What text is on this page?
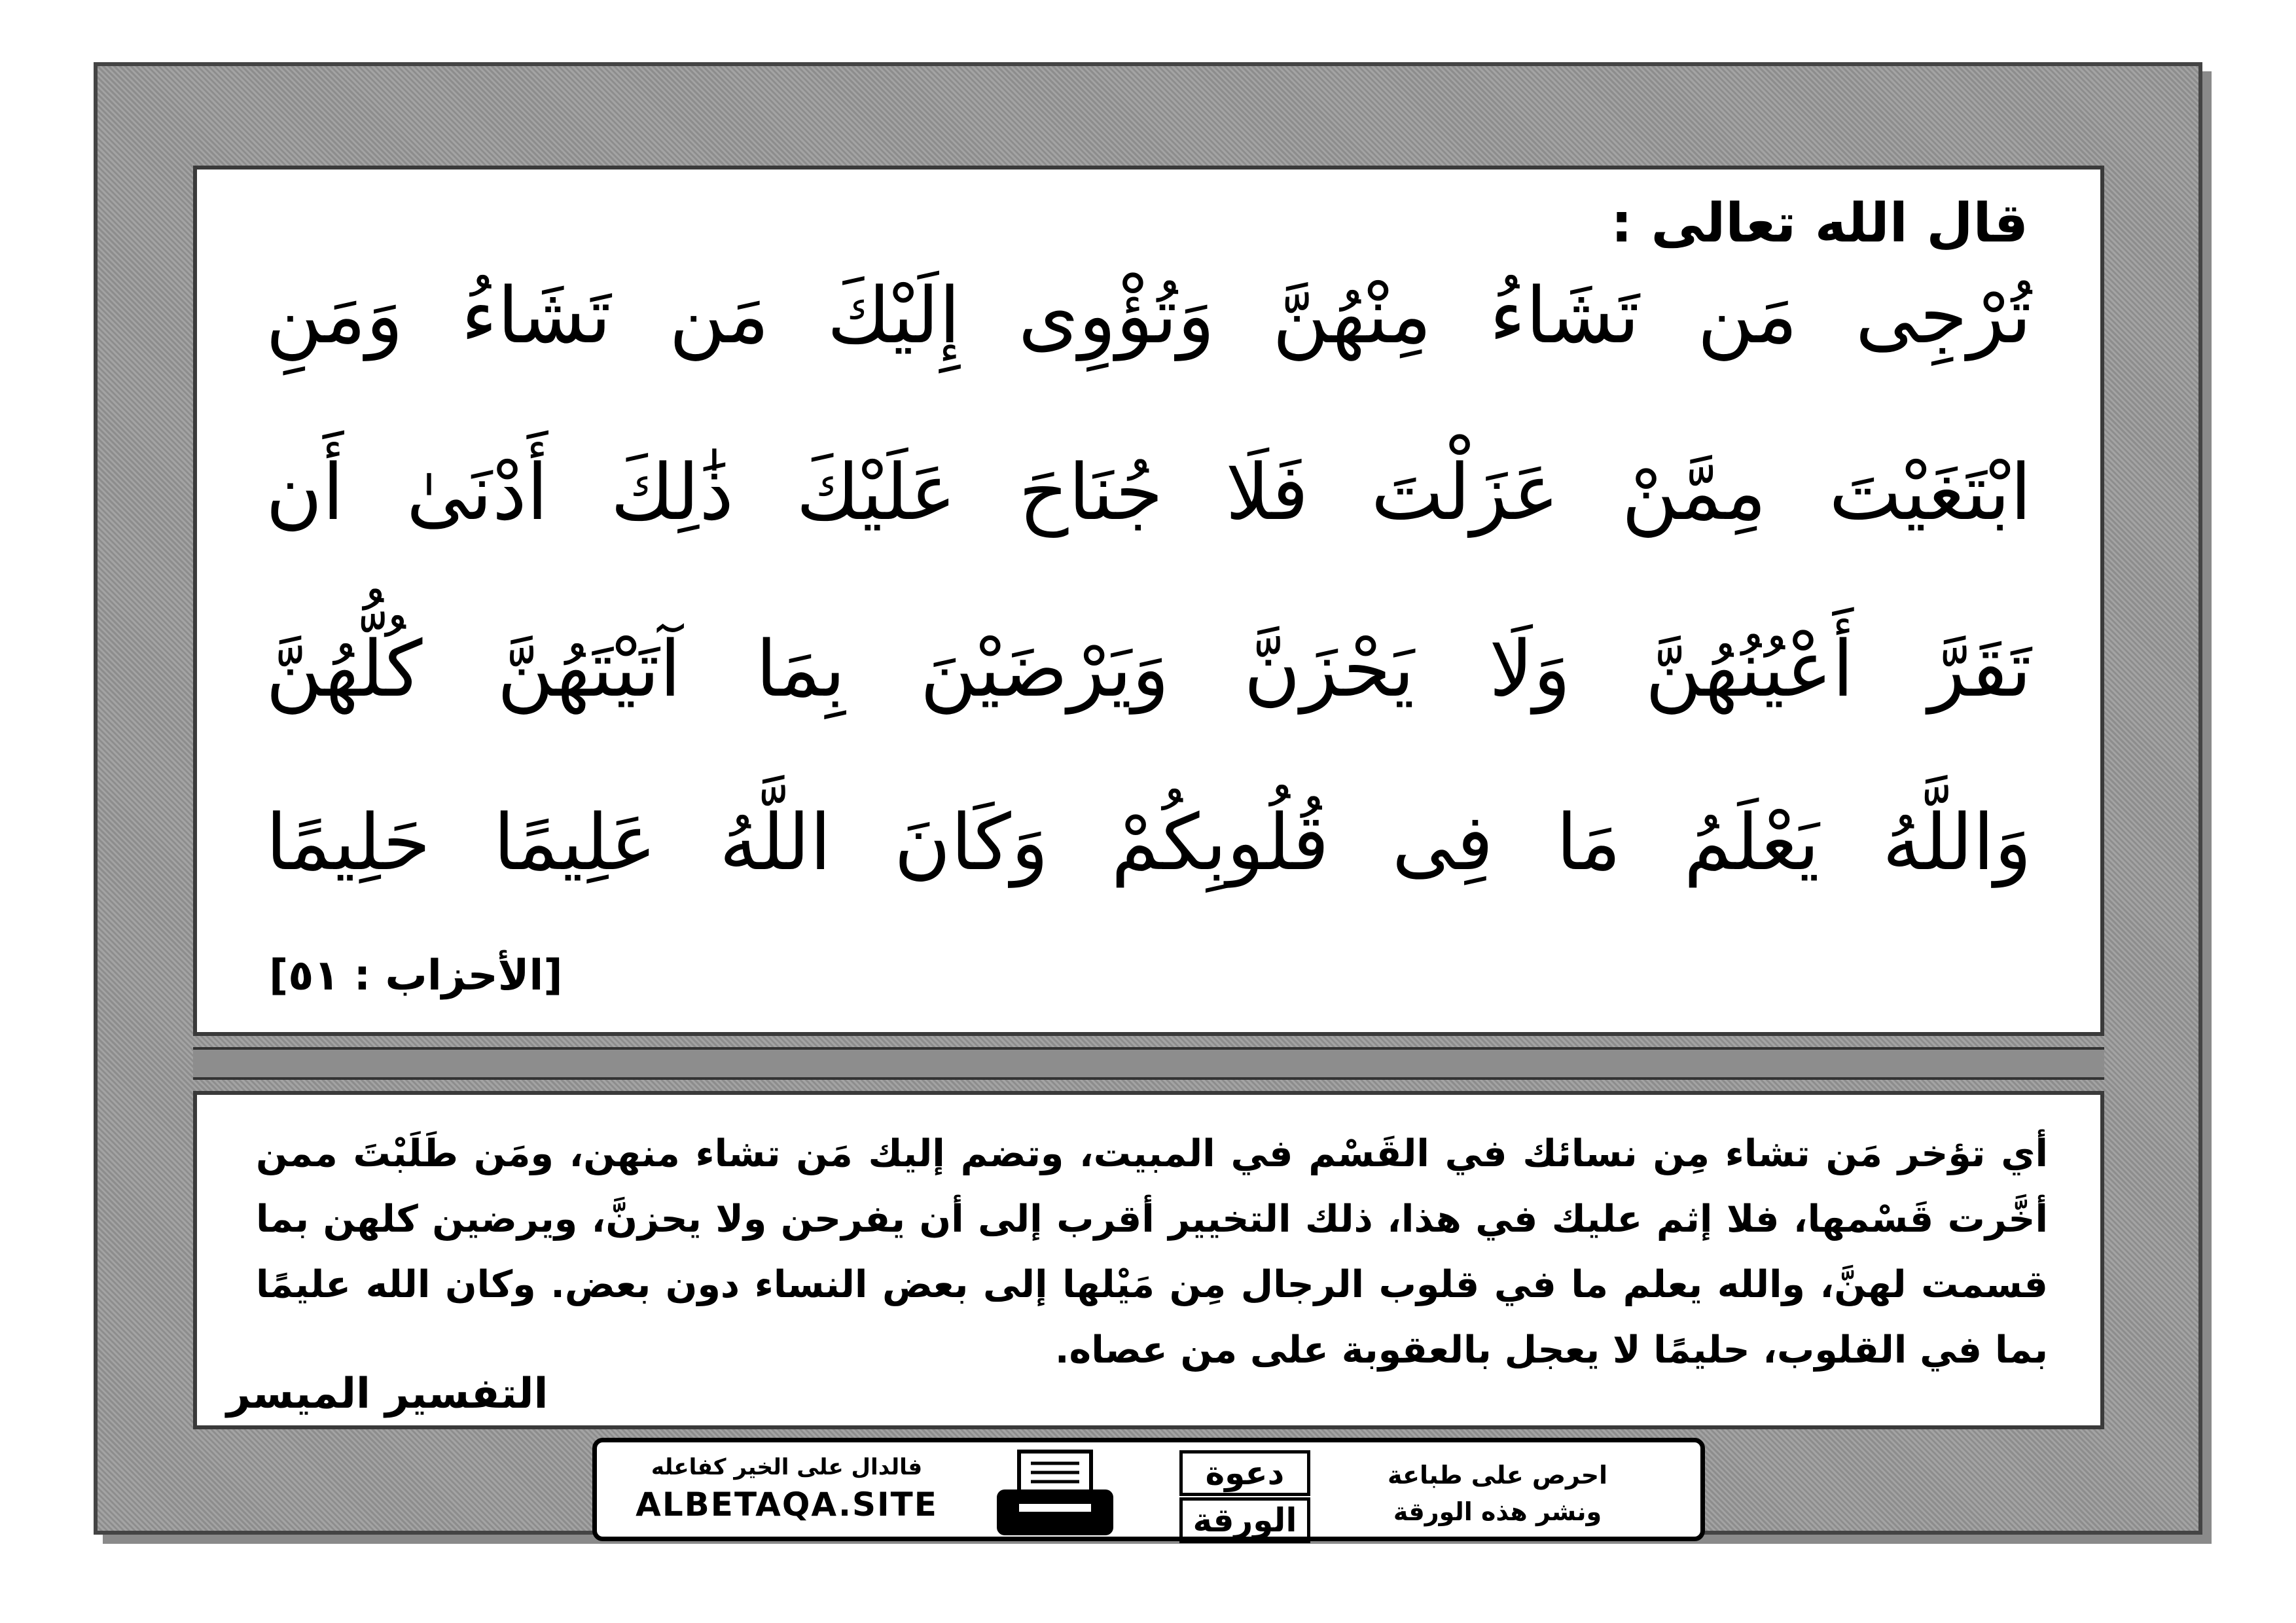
قال الله تعالى :

تُرْجِى مَن تَشَاءُ مِنْهُنَّ وَتُؤْوِى إِلَيْكَ مَن تَشَاءُ وَمَنِ

ابْتَغَيْتَ مِمَّنْ عَزَلْتَ فَلَا جُنَاحَ عَلَيْكَ ذَٰلِكَ أَدْنَىٰ أَن

تَقَرَّ أَعْيُنُهُنَّ وَلَا يَحْزَنَّ وَيَرْضَيْنَ بِمَا آتَيْتَهُنَّ كُلُّهُنَّ

وَاللَّهُ يَعْلَمُ مَا فِى قُلُوبِكُمْ وَكَانَ اللَّهُ عَلِيمًا حَلِيمًا

[الأحزاب : ٥١]

أي تؤخر مَن تشاء مِن نسائك في القَسْم في المبيت، وتضم إليك مَن تشاء منهن، ومَن طَلَبْتَ ممن أخَّرت قَسْمها، فلا إثم عليك في هذا، ذلك التخيير أقرب إلى أن يفرحن ولا يحزنَّ، ويرضين كلهن بما قسمت لهنَّ، والله يعلم ما في قلوب الرجال مِن مَيْلها إلى بعض النساء دون بعض. وكان الله عليمًا بما في القلوب، حليمًا لا يعجل بالعقوبة على من عصاه.

التفسير الميسر

فالدال على الخير كفاعله
ALBETAQA.SITE
دعوة
الورقة
احرص على طباعة
ونشر هذه الورقة
